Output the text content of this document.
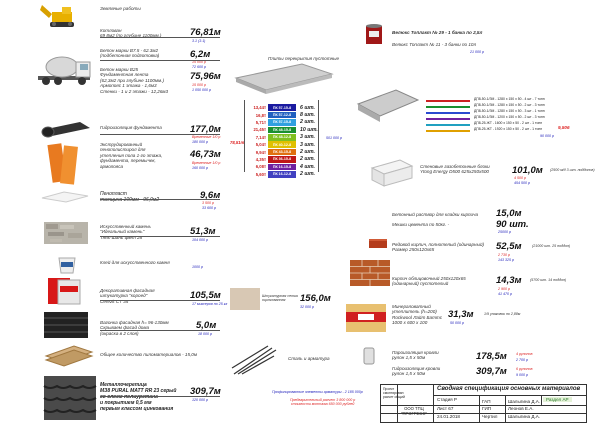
Земляные работы
Котлован
69 8м2 (по глубине 1100мм.)	76,81м
3.1 (3.1)
Бетон марки В7.5 - 62.3м2
(подбетонная подготовка)	6,2м
15 000 р
72 600 р
Бетон марки В25
Фундаментная лента
(62,3м2 при глубине 1100мм.)
Армопояс 1 этажа - 1,6м3
Стенки - 1 и 2 этажи - 12,26м3
75,96м
15 000 р
1 050 000 р
Гидроизоляция фундамента	177,0м
Временные 1/0 р
180 000 р
Экструдированный
пенополистирол для
утепления пола 1-го этажа,
фундамента, перемычек,
армопояса
46,73м
Временные 1/0 р
160 000 р
Пенопласт
толщина 100мм - 96,0м2	9,6м
3 500 р
33 600 р
Искусственный камень
"Идеальный камень"
Тянь-Шань цвет 28
51,3м
104 000 р
Клей для искусственного камня
1000 р
Декоративная фасадная
штукатурка "короед"
Cerezit CT 35
105,5м
17 миксеров по 25 кг
Вагонка фасадная h= 96-130мм
Скрываем фасад дома
(окраска в 2 слоя)
5,0м
18 000 р
Общее количество пиломатериалов - 15,0м
Металлочерепица
МЗ8 PURAL MATT RR 23 серый
со слоем полиуретана
и покрытием 0,5 мм
первым классом цинкования
309,7м
120 000 р
Плиты перекрытия пустотные
13,44т	ПК 57-15-8	6 шт.
16,8т	ПК 57-12-8	8 шт.
5,71т	ПК 57-15-8	2 шт.
21,45т	ПК 48-15-8	10 шт.
7,14т	ПК 48-12-8	3 шт.
5,04т	ПК 40-12-8	3 шт.
9,94т	ПК 43-15-8	2 шт.
4,35т	ПК 36-15-8	2 шт.
6,08т	ПК 16-15-8	4 шт.
5,60т	ПК 16-12-8	2 шт.
78,51т
501 000 р
Штукатурная сетка
оцинкованная	156,0м
32 000 р
Сталь и арматура
Профилированные элементы арматуры - 2 185 000р
Предварительный расчет 3 800 000 р
стоимости монтажа 650 000 рублей
Велюкс Топлакт № 29 - 1 банка по 2,5л
Велюкс Топлакт № 11 - 3 банки по 10л
21 000 р
ДП8-50-1/ЗМ - 1280 х 150 х 50 - 4 шт - 7 тонн
ДП8-50-1/ЗМ - 1280 х 150 х 50 - 2 шт - 3 тонн
ДП8-50-1/ЗМ - 1280 х 150 х 50 - 3 шт - 1 тонн
ДП8-50-1/ЗМ - 1200 х 150 х 50 - 2 шт - 3 тонн
ДП8-25-ЖТ - 1600 х 150 х 50 - 2 шт - 1 тонн
ДП8-25-ЖТ - 1920 х 150 х 50 - 2 шт - 1 тонн	9,506
90 000 р
Стеновые газобетонные блоки
Ytong Energy D500 625х250х500 101,0м
4 500 р
454 500 р
(2500 м/д 3 шт. поддонов)
Бетонный раствор для кладки кирпича 15,0м
Мешки цемента по 50кг. -	90 шт.
25000 р
Рядовой кирпич, полнотелый (одинарный)
Размер 250х120х65	52,5м	(21000 шт. 25 поддон)
2 730 р
143 325 р
Кирпич облицовочный 250х120х65
(одинарный) пустотелый	14,3м (5700 шт. 14 поддон)
2 900 р
41 470 р
Минераловатный
утеплитель (h=200)
Rockwool Лайт Баттс
1000 х 600 х 100
31,3м	1/9 упаковок по 2,88м
50 000 р
Пароизоляция кровли
рулон 1,5 х 50м	178,5м	4 рулонов
2 700 р
Гидроизоляция кровли
рулон 1,5 х 50м	309,7м	6 рулонов
9 000 р
Проект
смонтирован
расчет общий
Сводная спецификация основных материалов
Стадия Р	Раздел АР
ООО ТПЦ
"ПРОГРЕСС"
Лист 67
24.01.2018
ГАП	Шалыгина Д.А.
ГИП	Леонов Е.А.
Чертил Шалыгина Д.А.
